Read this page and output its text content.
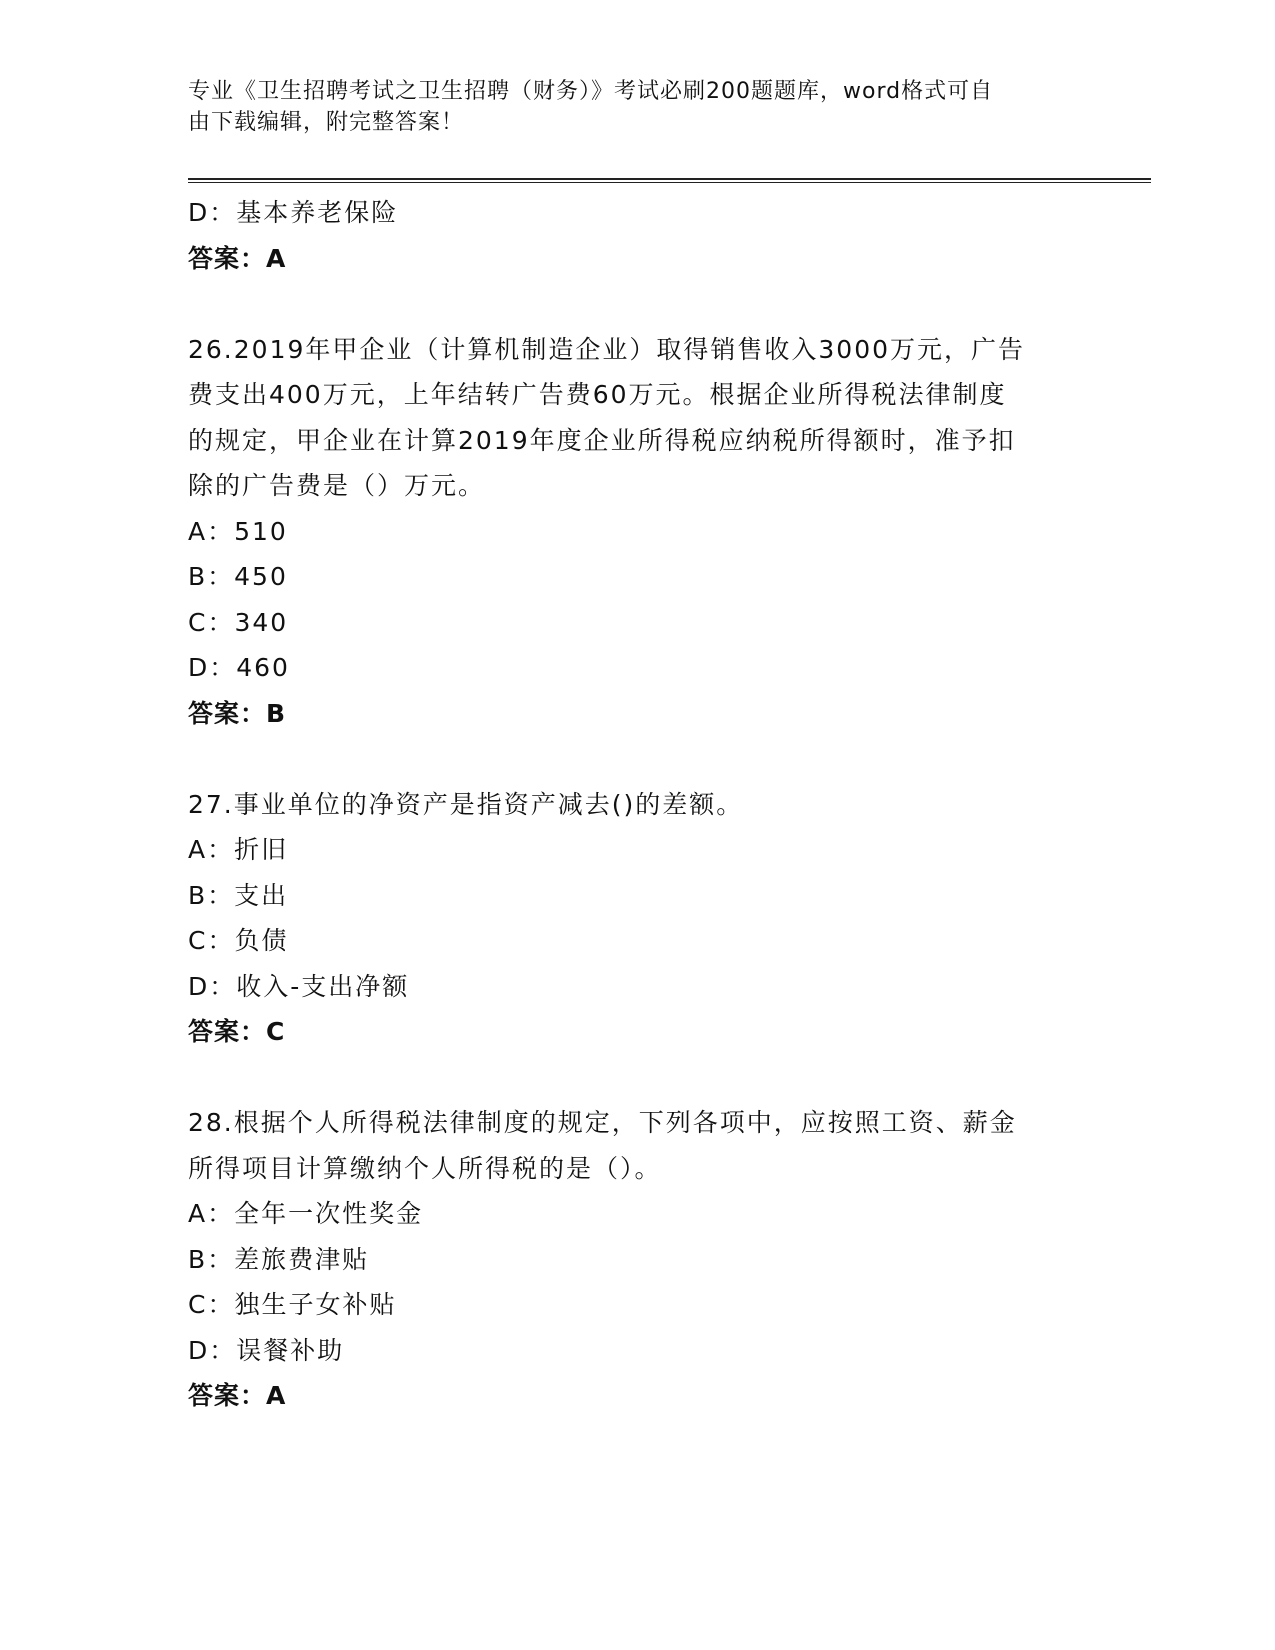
专业《卫生招聘考试之卫生招聘（财务）》考试必刷200题题库，word格式可自
由下载编辑，附完整答案！
D：基本养老保险
答案：A
26.2019年甲企业（计算机制造企业）取得销售收入3000万元，广告
费支出400万元，上年结转广告费60万元。根据企业所得税法律制度
的规定，甲企业在计算2019年度企业所得税应纳税所得额时，准予扣
除的广告费是（）万元。
A：510
B：450
C：340
D：460
答案：B
27.事业单位的净资产是指资产减去()的差额。
A：折旧
B：支出
C：负债
D：收入-支出净额
答案：C
28.根据个人所得税法律制度的规定，下列各项中，应按照工资、薪金
所得项目计算缴纳个人所得税的是（）。
A：全年一次性奖金
B：差旅费津贴
C：独生子女补贴
D：误餐补助
答案：A
